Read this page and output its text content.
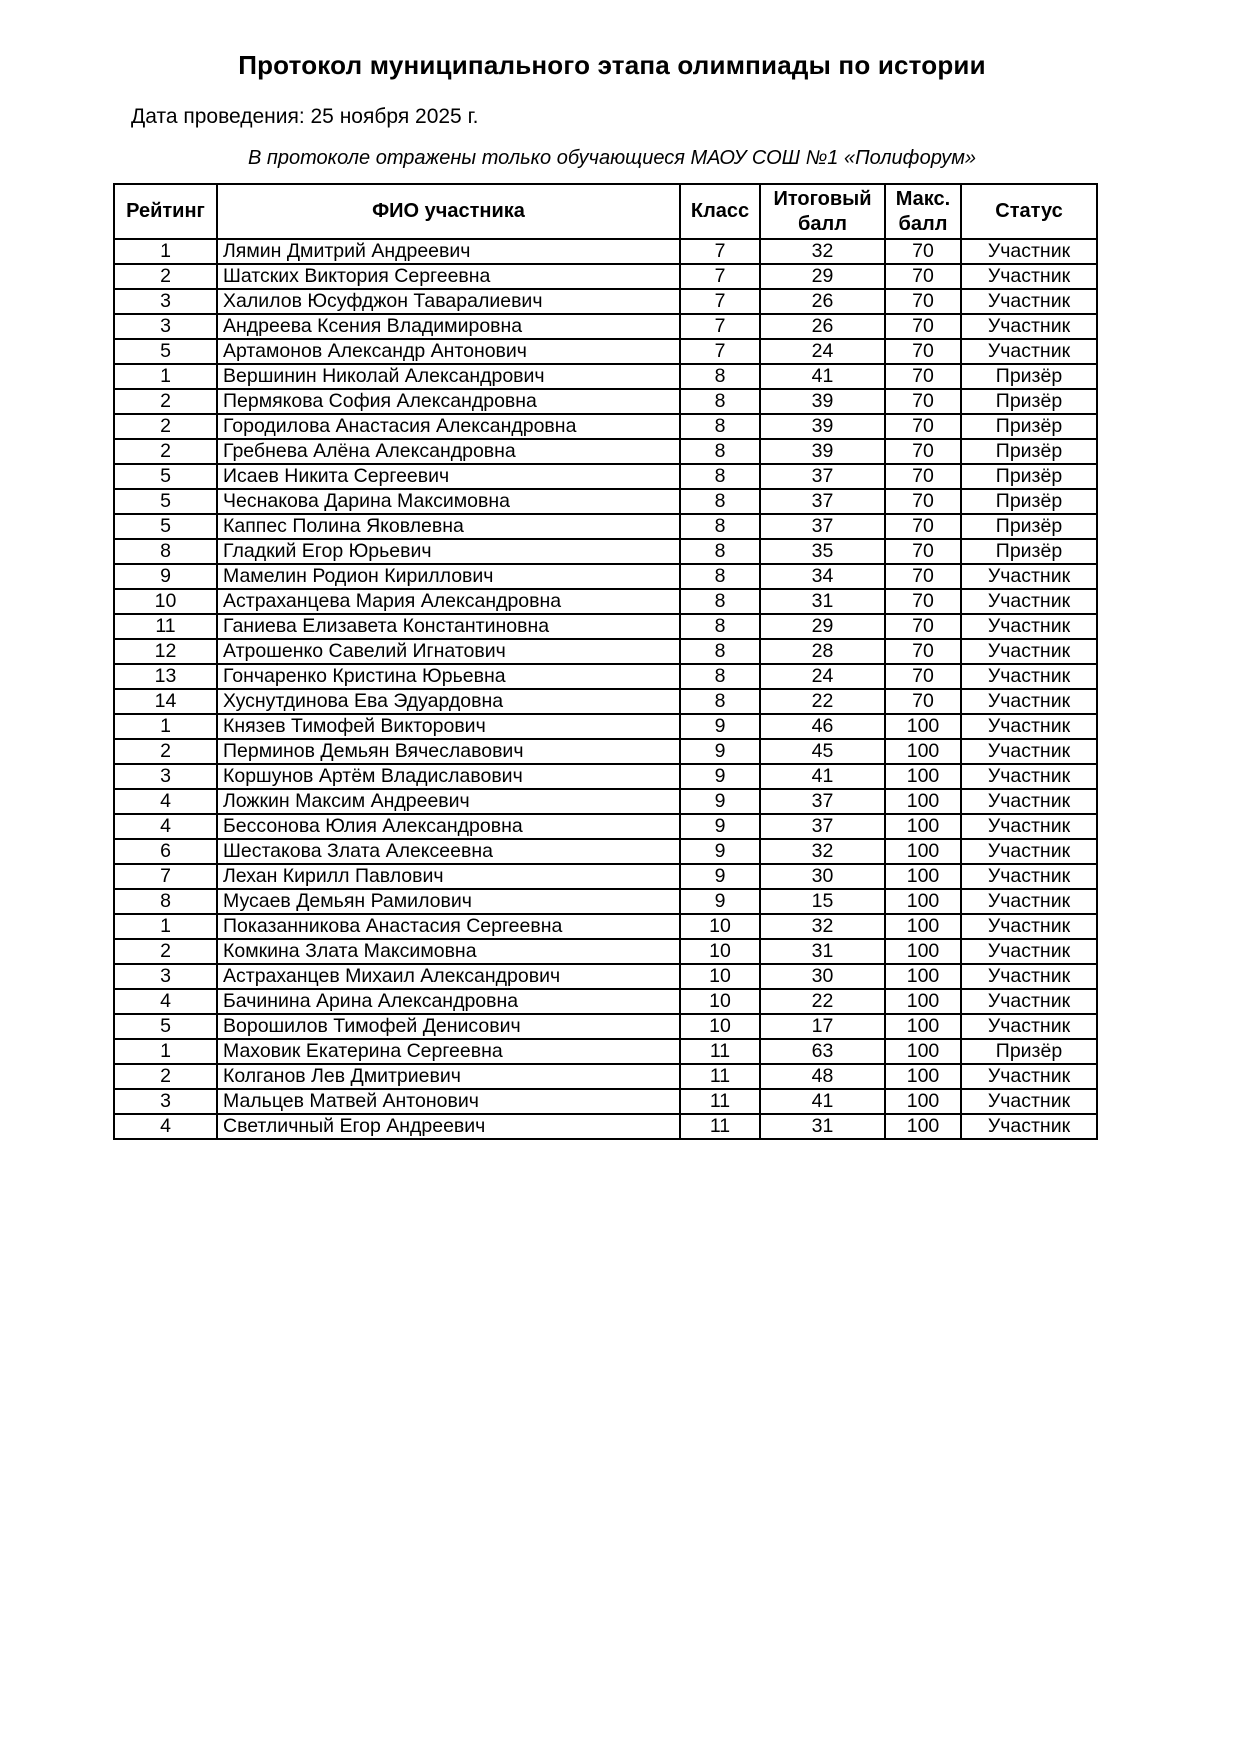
Протокол муниципального этапа олимпиады по истории
Дата проведения: 25 ноября 2025 г.
В протоколе отражены только обучающиеся МАОУ СОШ №1 «Полифорум»
Рейтинг	ФИО участника	Класс	Итоговый балл	Макс. балл	Статус
1	Лямин Дмитрий Андреевич	7	32	70	Участник
2	Шатских Виктория Сергеевна	7	29	70	Участник
3	Халилов Юсуфджон Таваралиевич	7	26	70	Участник
3	Андреева Ксения Владимировна	7	26	70	Участник
5	Артамонов Александр Антонович	7	24	70	Участник
1	Вершинин Николай Александрович	8	41	70	Призёр
2	Пермякова София Александровна	8	39	70	Призёр
2	Городилова Анастасия Александровна	8	39	70	Призёр
2	Гребнева Алёна Александровна	8	39	70	Призёр
5	Исаев Никита Сергеевич	8	37	70	Призёр
5	Чеснакова Дарина Максимовна	8	37	70	Призёр
5	Каппес Полина Яковлевна	8	37	70	Призёр
8	Гладкий Егор Юрьевич	8	35	70	Призёр
9	Мамелин Родион Кириллович	8	34	70	Участник
10	Астраханцева Мария Александровна	8	31	70	Участник
11	Ганиева Елизавета Константиновна	8	29	70	Участник
12	Атрошенко Савелий Игнатович	8	28	70	Участник
13	Гончаренко Кристина Юрьевна	8	24	70	Участник
14	Хуснутдинова Ева Эдуардовна	8	22	70	Участник
1	Князев Тимофей Викторович	9	46	100	Участник
2	Перминов Демьян Вячеславович	9	45	100	Участник
3	Коршунов Артём Владиславович	9	41	100	Участник
4	Ложкин Максим Андреевич	9	37	100	Участник
4	Бессонова Юлия Александровна	9	37	100	Участник
6	Шестакова Злата Алексеевна	9	32	100	Участник
7	Лехан Кирилл Павлович	9	30	100	Участник
8	Мусаев Демьян Рамилович	9	15	100	Участник
1	Показанникова Анастасия Сергеевна	10	32	100	Участник
2	Комкина Злата Максимовна	10	31	100	Участник
3	Астраханцев Михаил Александрович	10	30	100	Участник
4	Бачинина Арина Александровна	10	22	100	Участник
5	Ворошилов Тимофей Денисович	10	17	100	Участник
1	Маховик Екатерина Сергеевна	11	63	100	Призёр
2	Колганов Лев Дмитриевич	11	48	100	Участник
3	Мальцев Матвей Антонович	11	41	100	Участник
4	Светличный Егор Андреевич	11	31	100	Участник
